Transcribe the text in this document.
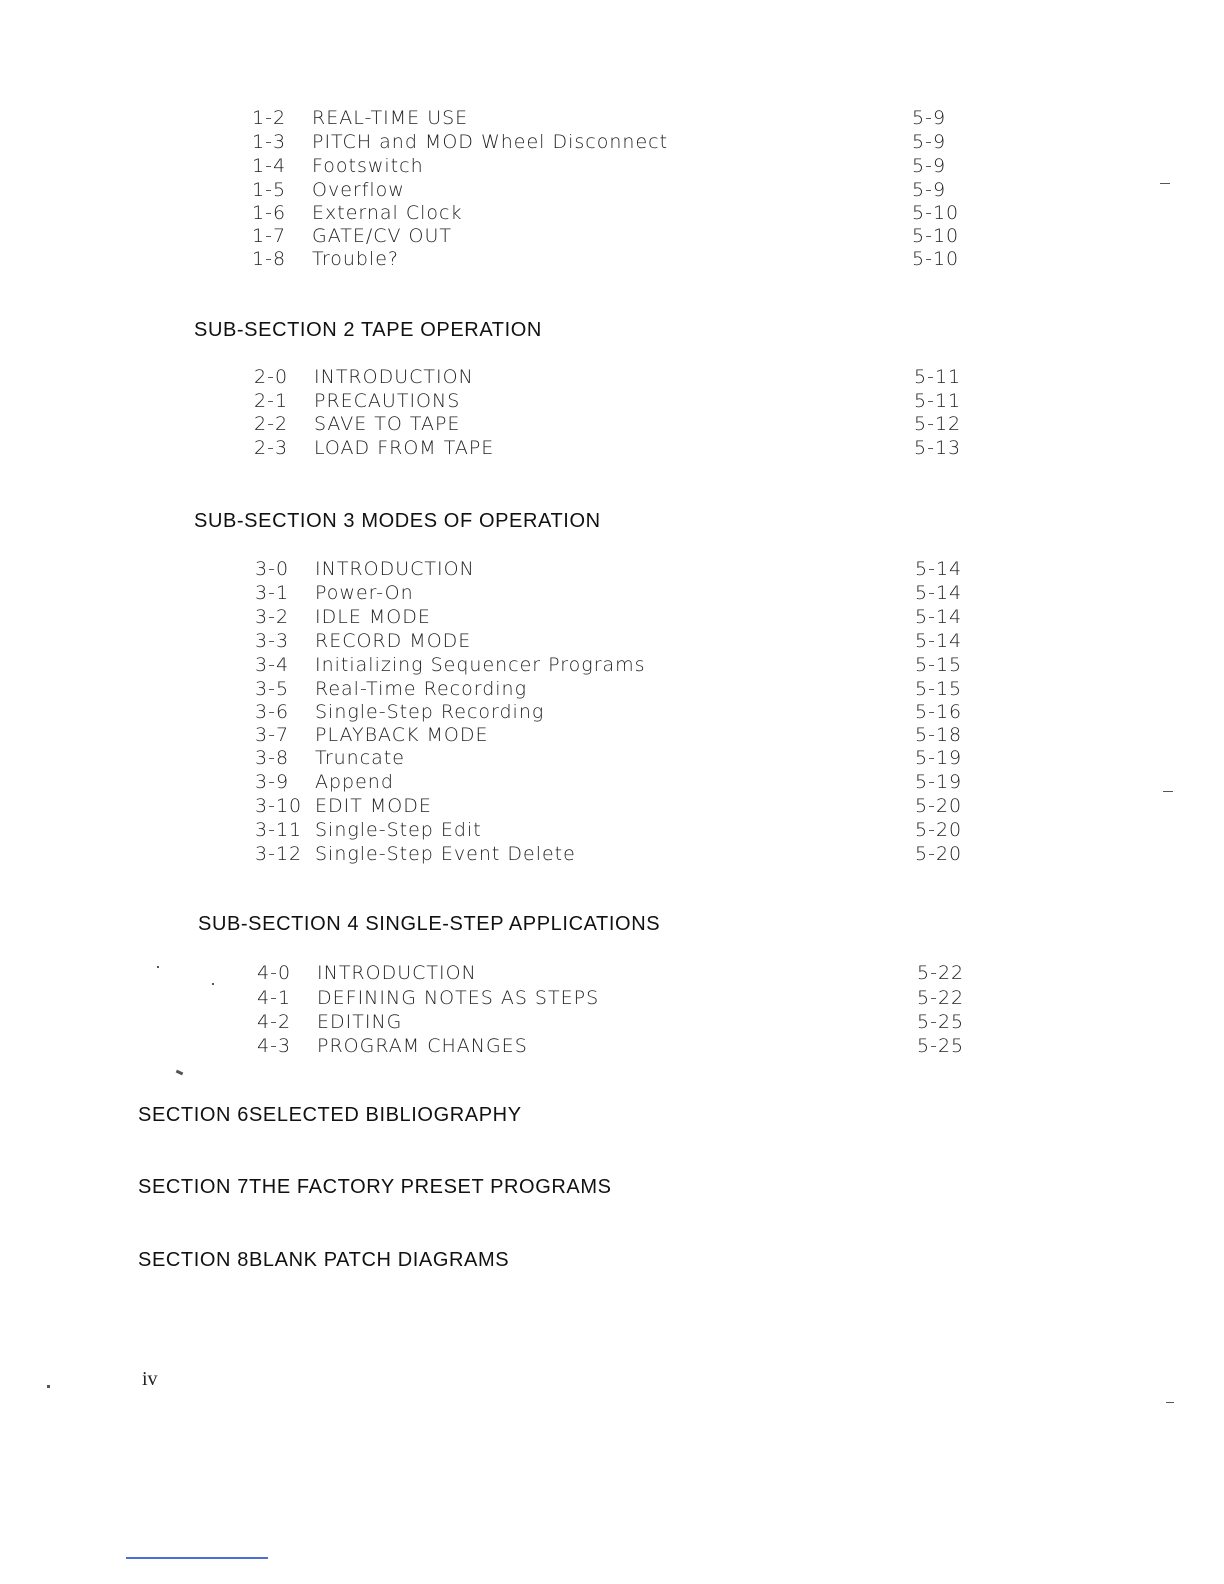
1-2 REAL-TIME USE	5-9
1-3 PITCH and MOD Wheel Disconnect	5-9
1-4 Footswitch	5-9
1-5 Overflow	5-9
1-6 External Clock	5-10
1-7 GATE/CV OUT	5-10
1-8 Trouble?	5-10
SUB-SECTION 2 TAPE OPERATION
2-0 INTRODUCTION	5-11
2-1 PRECAUTIONS	5-11
2-2 SAVE TO TAPE	5-12
2-3 LOAD FROM TAPE	5-13
SUB-SECTION 3 MODES OF OPERATION
3-0 INTRODUCTION	5-14
3-1 Power-On	5-14
3-2 IDLE MODE	5-14
3-3 RECORD MODE	5-14
3-4 Initializing Sequencer Programs	5-15
3-5 Real-Time Recording	5-15
3-6 Single-Step Recording	5-16
3-7 PLAYBACK MODE	5-18
3-8 Truncate	5-19
3-9 Append	5-19
3-10 EDIT MODE	5-20
3-11 Single-Step Edit	5-20
3-12 Single-Step Event Delete	5-20
SUB-SECTION 4 SINGLE-STEP APPLICATIONS
4-0 INTRODUCTION	5-22
4-1 DEFINING NOTES AS STEPS	5-22
4-2 EDITING	5-25
4-3 PROGRAM CHANGES	5-25
SECTION 6SELECTED BIBLIOGRAPHY
SECTION 7THE FACTORY PRESET PROGRAMS
SECTION 8BLANK PATCH DIAGRAMS
iv
